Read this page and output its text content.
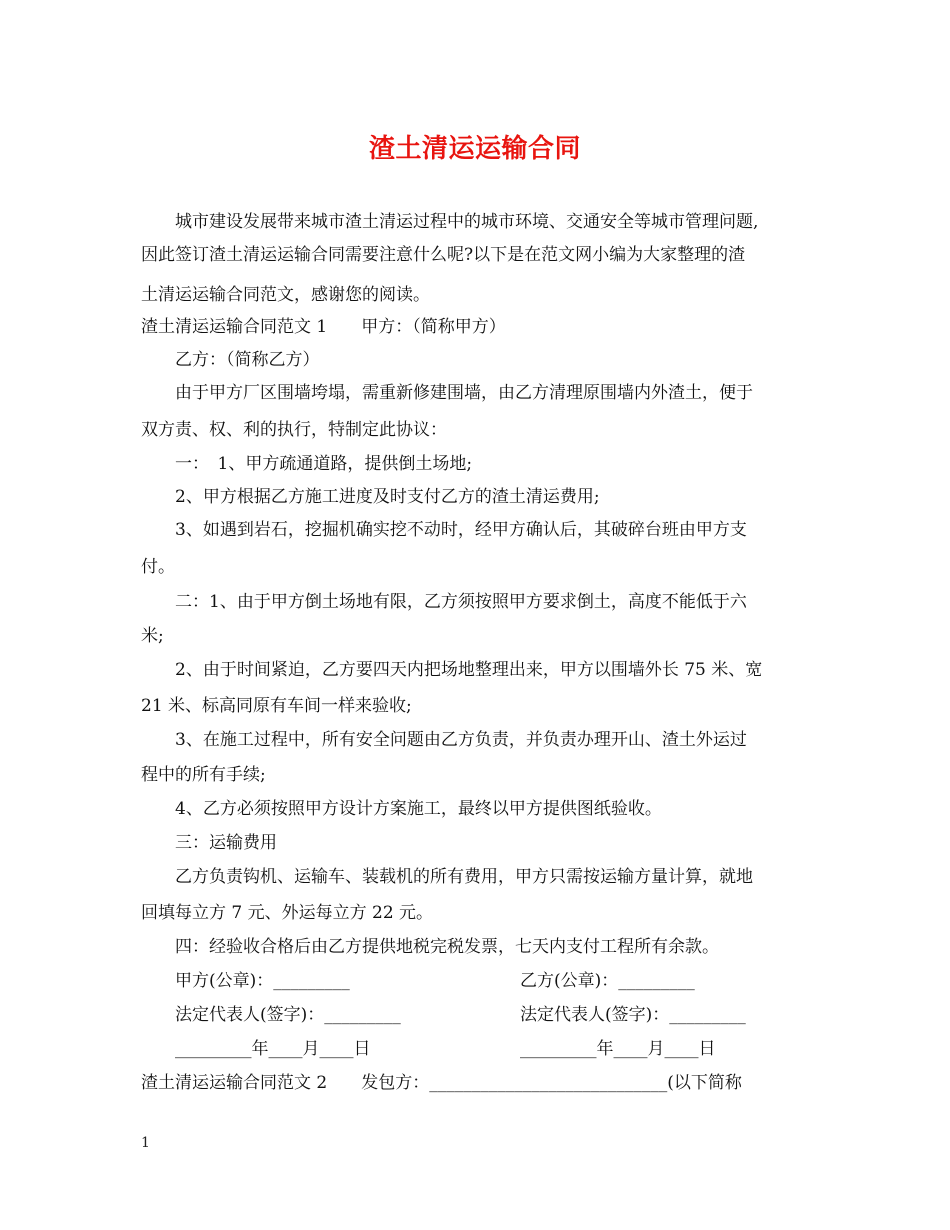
渣土清运运输合同
城市建设发展带来城市渣土清运过程中的城市环境、交通安全等城市管理问题,
因此签订渣土清运运输合同需要注意什么呢?以下是在范文网小编为大家整理的渣
土清运运输合同范文，感谢您的阅读。
渣土清运运输合同范文 1　　甲方：（简称甲方）
乙方：（简称乙方）
由于甲方厂区围墙垮塌，需重新修建围墙，由乙方清理原围墙内外渣土，便于
双方责、权、利的执行，特制定此协议：
一：　1、甲方疏通道路，提供倒土场地;
2、甲方根据乙方施工进度及时支付乙方的渣土清运费用;
3、如遇到岩石，挖掘机确实挖不动时，经甲方确认后，其破碎台班由甲方支
付。
二：1、由于甲方倒土场地有限，乙方须按照甲方要求倒土，高度不能低于六
米;
2、由于时间紧迫，乙方要四天内把场地整理出来，甲方以围墙外长 75 米、宽
21 米、标高同原有车间一样来验收;
3、在施工过程中，所有安全问题由乙方负责，并负责办理开山、渣土外运过
程中的所有手续;
4、乙方必须按照甲方设计方案施工，最终以甲方提供图纸验收。
三：运输费用
乙方负责钩机、运输车、装载机的所有费用，甲方只需按运输方量计算，就地
回填每立方 7 元、外运每立方 22 元。
四：经验收合格后由乙方提供地税完税发票，七天内支付工程所有余款。
甲方(公章)：_________	乙方(公章)：_________
法定代表人(签字)：_________	法定代表人(签字)：_________
_________年____月____日	_________年____月____日
渣土清运运输合同范文 2　　发包方：____________________________(以下简称
1
